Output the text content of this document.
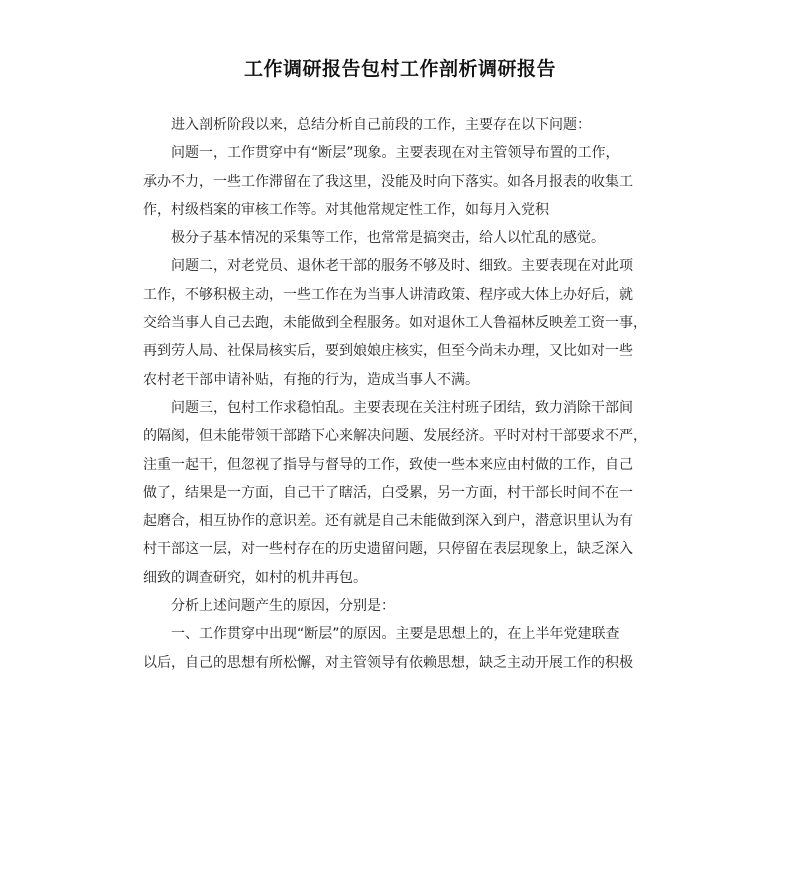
工作调研报告包村工作剖析调研报告
进入剖析阶段以来，总结分析自己前段的工作，主要存在以下问题：
问题一，工作贯穿中有“断层”现象。主要表现在对主管领导布置的工作，
承办不力，一些工作滞留在了我这里，没能及时向下落实。如各月报表的收集工
作，村级档案的审核工作等。对其他常规定性工作，如每月入党积
极分子基本情况的采集等工作，也常常是搞突击，给人以忙乱的感觉。
问题二，对老党员、退休老干部的服务不够及时、细致。主要表现在对此项
工作，不够积极主动，一些工作在为当事人讲清政策、程序或大体上办好后，就
交给当事人自己去跑，未能做到全程服务。如对退休工人鲁福林反映差工资一事，
再到劳人局、社保局核实后，要到娘娘庄核实，但至今尚未办理，又比如对一些
农村老干部申请补贴，有拖的行为，造成当事人不满。
问题三，包村工作求稳怕乱。主要表现在关注村班子团结，致力消除干部间
的隔阂，但未能带领干部踏下心来解决问题、发展经济。平时对村干部要求不严，
注重一起干，但忽视了指导与督导的工作，致使一些本来应由村做的工作，自己
做了，结果是一方面，自己干了瞎活，白受累，另一方面，村干部长时间不在一
起磨合，相互协作的意识差。还有就是自己未能做到深入到户，潜意识里认为有
村干部这一层，对一些村存在的历史遗留问题，只停留在表层现象上，缺乏深入
细致的调查研究，如村的机井再包。
分析上述问题产生的原因，分别是：
一、工作贯穿中出现“断层”的原因。主要是思想上的，在上半年党建联查
以后，自己的思想有所松懈，对主管领导有依赖思想，缺乏主动开展工作的积极
